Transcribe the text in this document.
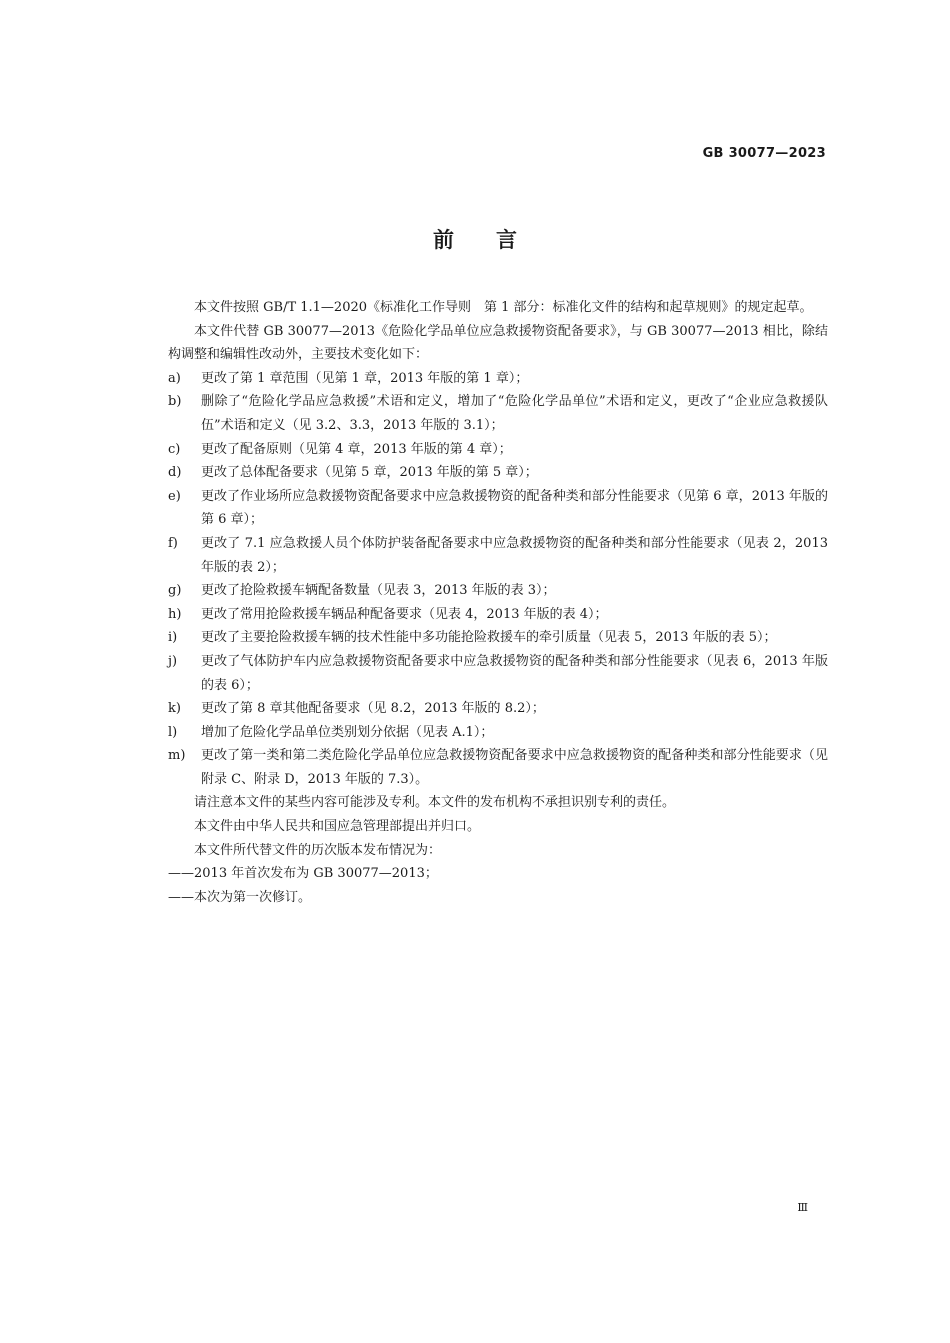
GB 30077—2023
前言

本文件按照 GB/T 1.1—2020《标准化工作导则　第 1 部分：标准化文件的结构和起草规则》的规定起草。

本文件代替 GB 30077—2013《危险化学品单位应急救援物资配备要求》，与 GB 30077—2013 相比，除结构调整和编辑性改动外，主要技术变化如下：

a) 更改了第 1 章范围（见第 1 章，2013 年版的第 1 章）；
b) 删除了“危险化学品应急救援”术语和定义，增加了“危险化学品单位”术语和定义，更改了“企业应急救援队伍”术语和定义（见 3.2、3.3，2013 年版的 3.1）；
c) 更改了配备原则（见第 4 章，2013 年版的第 4 章）；
d) 更改了总体配备要求（见第 5 章，2013 年版的第 5 章）；
e) 更改了作业场所应急救援物资配备要求中应急救援物资的配备种类和部分性能要求（见第 6 章，2013 年版的第 6 章）；
f) 更改了 7.1 应急救援人员个体防护装备配备要求中应急救援物资的配备种类和部分性能要求（见表 2，2013 年版的表 2）；
g) 更改了抢险救援车辆配备数量（见表 3，2013 年版的表 3）；
h) 更改了常用抢险救援车辆品种配备要求（见表 4，2013 年版的表 4）；
i) 更改了主要抢险救援车辆的技术性能中多功能抢险救援车的牵引质量（见表 5，2013 年版的表 5）；
j) 更改了气体防护车内应急救援物资配备要求中应急救援物资的配备种类和部分性能要求（见表 6，2013 年版的表 6）；
k) 更改了第 8 章其他配备要求（见 8.2，2013 年版的 8.2）；
l) 增加了危险化学品单位类别划分依据（见表 A.1）；
m) 更改了第一类和第二类危险化学品单位应急救援物资配备要求中应急救援物资的配备种类和部分性能要求（见附录 C、附录 D，2013 年版的 7.3）。

请注意本文件的某些内容可能涉及专利。本文件的发布机构不承担识别专利的责任。

本文件由中华人民共和国应急管理部提出并归口。

本文件所代替文件的历次版本发布情况为：

——2013 年首次发布为 GB 30077—2013；

——本次为第一次修订。

Ⅲ
